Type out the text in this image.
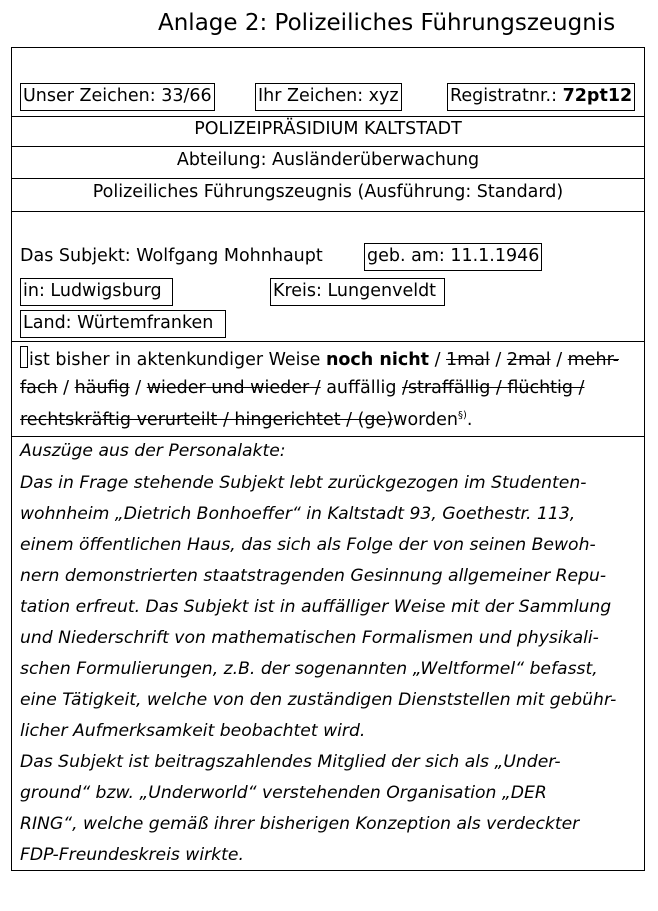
Anlage 2: Polizeiliches Führungszeugnis
Unser Zeichen: 33/66	Ihr Zeichen: xyz	Registratnr.: 72pt12
POLIZEIPRÄSIDIUM KALTSTADT
Abteilung: Ausländerüberwachung
Polizeiliches Führungszeugnis (Ausführung: Standard)
Das Subjekt: Wolfgang Mohnhaupt	geb. am: 11.1.1946
in: Ludwigsburg	Kreis: Lungenveldt
Land: Würtemfranken
ist bisher in aktenkundiger Weise noch nicht / 1mal / 2mal / mehr-
fach / häufig / wieder und wieder / auffällig /straffällig / flüchtig /
rechtskräftig verurteilt / hingerichtet / (ge)worden§).
Auszüge aus der Personalakte:
Das in Frage stehende Subjekt lebt zurückgezogen im Studenten-
wohnheim „Dietrich Bonhoeffer“ in Kaltstadt 93, Goethestr. 113,
einem öffentlichen Haus, das sich als Folge der von seinen Bewoh-
nern demonstrierten staatstragenden Gesinnung allgemeiner Repu-
tation erfreut. Das Subjekt ist in auffälliger Weise mit der Sammlung
und Niederschrift von mathematischen Formalismen und physikali-
schen Formulierungen, z.B. der sogenannten „Weltformel“ befasst,
eine Tätigkeit, welche von den zuständigen Dienststellen mit gebühr-
licher Aufmerksamkeit beobachtet wird.
Das Subjekt ist beitragszahlendes Mitglied der sich als „Under-
ground“ bzw. „Underworld“ verstehenden Organisation „DER
RING“, welche gemäß ihrer bisherigen Konzeption als verdeckter
FDP-Freundeskreis wirkte.
